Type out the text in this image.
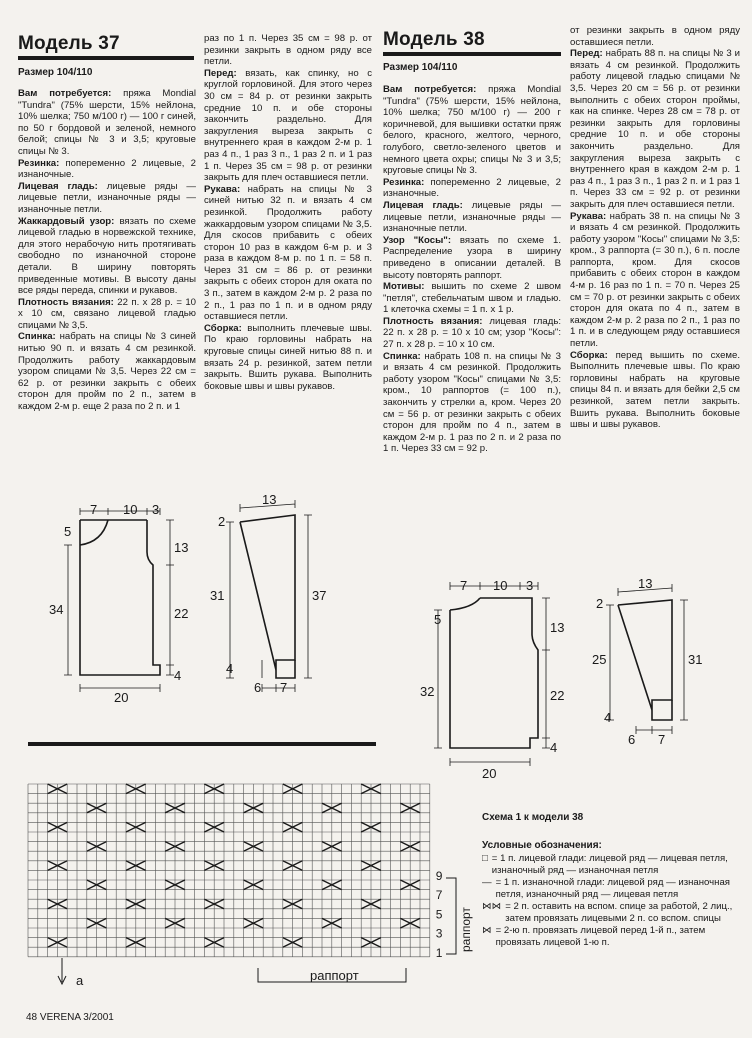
Модель 37
Размер 104/110

Вам потребуется: пряжа Mondial "Tundra" (75% шерсти, 15% нейлона, 10% шелка; 750 м/100 г) — 100 г синей, по 50 г бордовой и зеленой, немного белой; спицы № 3 и 3,5; круговые спицы № 3.

Резинка: попеременно 2 лицевые, 2 изнаночные.

Лицевая гладь: лицевые ряды — лицевые петли, изнаночные ряды — изнаночные петли.

Жаккардовый узор: вязать по схеме лицевой гладью в норвежской технике, для этого нерабочую нить протягивать свободно по изнаночной стороне детали. В ширину повторять приведенные мотивы. В высоту даны все ряды переда, спинки и рукавов.

Плотность вязания: 22 п. x 28 р. = 10 x 10 см, связано лицевой гладью спицами № 3,5.

Спинка: набрать на спицы № 3 синей нитью 90 п. и вязать 4 см резинкой. Продолжить работу жаккардовым узором спицами № 3,5. Через 22 см = 62 р. от резинки закрыть с обеих сторон для пройм по 2 п., затем в каждом 2-м р. еще 2 раза по 2 п. и 1

раз по 1 п. Через 35 см = 98 р. от резинки закрыть в одном ряду все петли.

Перед: вязать, как спинку, но с круглой горловиной. Для этого через 30 см = 84 р. от резинки закрыть средние 10 п. и обе стороны закончить раздельно. Для закругления выреза закрыть с внутреннего края в каждом 2-м р. 1 раз 4 п., 1 раз 3 п., 1 раз 2 п. и 1 раз 1 п. Через 35 см = 98 р. от резинки закрыть для плеч оставшиеся петли.

Рукава: набрать на спицы № 3 синей нитью 32 п. и вязать 4 см резинкой. Продолжить работу жаккардовым узором спицами № 3,5. Для скосов прибавить с обеих сторон 10 раз в каждом 6-м р. и 3 раза в каждом 8-м р. по 1 п. = 58 п. Через 31 см = 86 р. от резинки закрыть с обеих сторон для оката по 3 п., затем в каждом 2-м р. 2 раза по 2 п., 1 раз по 1 п. и в одном ряду оставшиеся петли.

Сборка: выполнить плечевые швы. По краю горловины набрать на круговые спицы синей нитью 88 п. и вязать 24 р. резинкой, затем петли закрыть. Вшить рукава. Выполнить боковые швы и швы рукавов.

Модель 38
Размер 104/110

Вам потребуется: пряжа Mondial "Tundra" (75% шерсти, 15% нейлона, 10% шелка; 750 м/100 г) — 200 г коричневой, для вышивки остатки пряж белого, красного, желтого, черного, голубого, светло-зеленого цветов и немного цвета охры; спицы № 3 и 3,5; круговые спицы № 3.

Резинка: попеременно 2 лицевые, 2 изнаночные.

Лицевая гладь: лицевые ряды — лицевые петли, изнаночные ряды — изнаночные петли.

Узор "Косы": вязать по схеме 1. Распределение узора в ширину приведено в описании деталей. В высоту повторять раппорт.

Мотивы: вышить по схеме 2 швом "петля", стебельчатым швом и гладью. 1 клеточка схемы = 1 п. x 1 р.

Плотность вязания: лицевая гладь: 22 п. x 28 р. = 10 x 10 см; узор "Косы": 27 п. x 28 р. = 10 x 10 см.

Спинка: набрать 108 п. на спицы № 3 и вязать 4 см резинкой. Продолжить работу узором "Косы" спицами № 3,5: кром., 10 раппортов (= 100 п.), закончить у стрелки а, кром. Через 20 см = 56 р. от резинки закрыть с обеих сторон для пройм по 4 п., затем в каждом 2-м р. 1 раз по 2 п. и 2 раза по 1 п. Через 33 см = 92 р.

от резинки закрыть в одном ряду оставшиеся петли.

Перед: набрать 88 п. на спицы № 3 и вязать 4 см резинкой. Продолжить работу лицевой гладью спицами № 3,5. Через 20 см = 56 р. от резинки выполнить с обеих сторон проймы, как на спинке. Через 28 см = 78 р. от резинки закрыть для горловины средние 10 п. и обе стороны закончить раздельно. Для закругления выреза закрыть с внутреннего края в каждом 2-м р. 1 раз 4 п., 1 раз 3 п., 1 раз 2 п. и 1 раз 1 п. Через 33 см = 92 р. от резинки закрыть для плеч оставшиеся петли.

Рукава: набрать 38 п. на спицы № 3 и вязать 4 см резинкой. Продолжить работу узором "Косы" спицами № 3,5: кром., 3 раппорта (= 30 п.), 6 п. после раппорта, кром. Для скосов прибавить с обеих сторон в каждом 4-м р. 16 раз по 1 п. = 70 п. Через 25 см = 70 р. от резинки закрыть с обеих сторон для оката по 4 п., затем в каждом 2-м р. 2 раза по 2 п., 1 раз по 1 п. и в следующем ряду оставшиеся петли.

Сборка: перед вышить по схеме. Выполнить плечевые швы. По краю горловины набрать на круговые спицы 84 п. и вязать для бейки 2,5 см резинкой, затем петли закрыть. Вшить рукава. Выполнить боковые швы и швы рукавов.

7 10 3
5
13
34	22
4
20
13
2
31	37
4
6 7
7 10 3
5
13
32	22
4
20
13
2
25	31
4
6 7
9
7
5
3
1
а	раппорт
раппорт
Схема 1 к модели 38
Условные обозначения:
□ = 1 п. лицевой глади: лицевой ряд — лицевая петля, изнаночный ряд — изнаночная петля
— = 1 п. изнаночной глади: лицевой ряд — изнаночная петля, изнаночный ряд — лицевая петля
⋈⋈ = 2 п. оставить на вспом. спице за работой, 2 лиц., затем провязать лицевыми 2 п. со вспом. спицы
⋈ = 2-ю п. провязать лицевой перед 1-й п., затем провязать лицевой 1-ю п.
48 VERENA 3/2001
